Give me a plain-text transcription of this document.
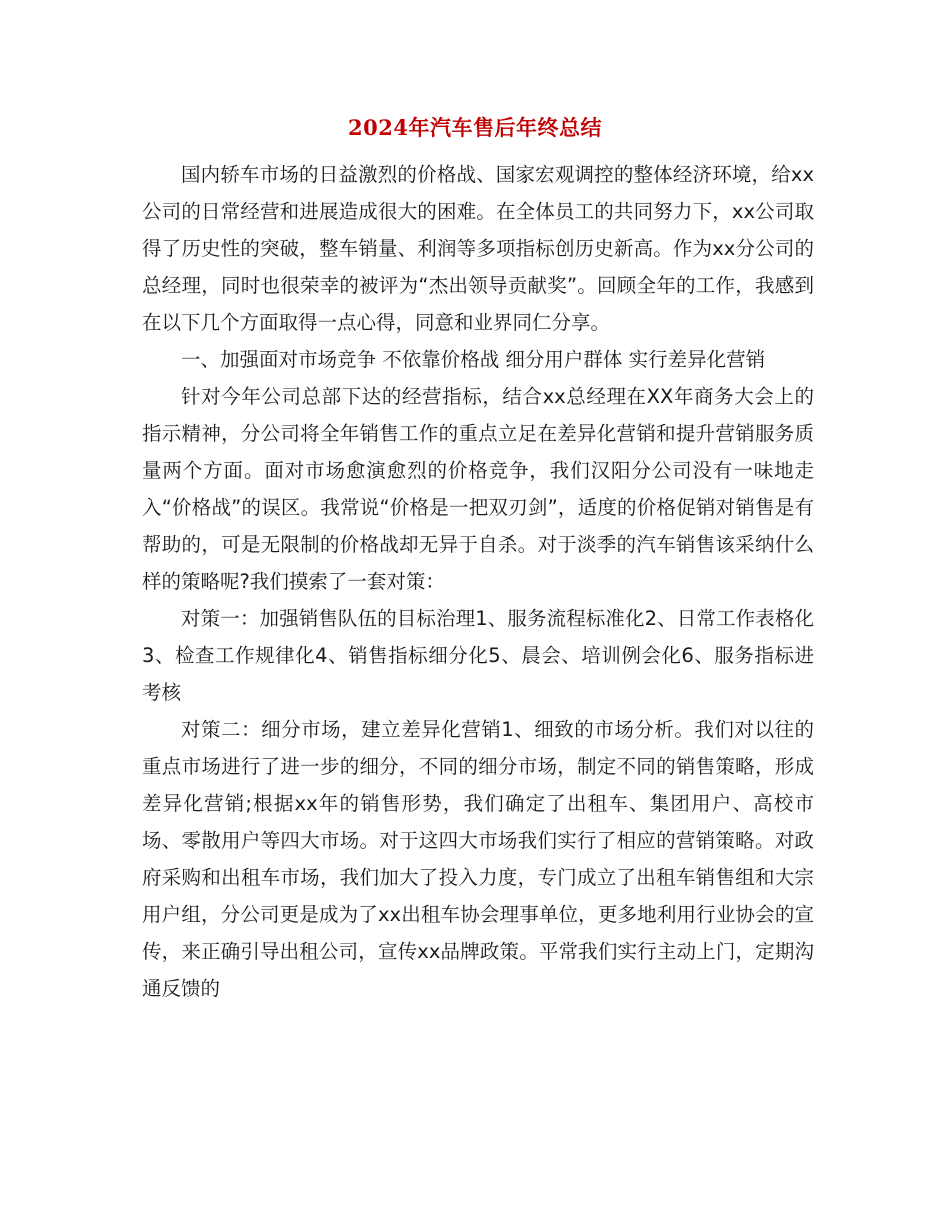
2024年汽车售后年终总结

国内轿车市场的日益激烈的价格战、国家宏观调控的整体经济环境，给xx公司的日常经营和进展造成很大的困难。在全体员工的共同努力下，xx公司取得了历史性的突破，整车销量、利润等多项指标创历史新高。作为xx分公司的总经理，同时也很荣幸的被评为“杰出领导贡献奖”。回顾全年的工作，我感到在以下几个方面取得一点心得，同意和业界同仁分享。

一、加强面对市场竞争 不依靠价格战 细分用户群体 实行差异化营销

针对今年公司总部下达的经营指标，结合xx总经理在XX年商务大会上的指示精神，分公司将全年销售工作的重点立足在差异化营销和提升营销服务质量两个方面。面对市场愈演愈烈的价格竞争，我们汉阳分公司没有一味地走入“价格战”的误区。我常说“价格是一把双刃剑”，适度的价格促销对销售是有帮助的，可是无限制的价格战却无异于自杀。对于淡季的汽车销售该采纳什么样的策略呢?我们摸索了一套对策：

对策一：加强销售队伍的目标治理1、服务流程标准化2、日常工作表格化3、检查工作规律化4、销售指标细分化5、晨会、培训例会化6、服务指标进考核

对策二：细分市场，建立差异化营销1、细致的市场分析。我们对以往的重点市场进行了进一步的细分，不同的细分市场，制定不同的销售策略，形成差异化营销;根据xx年的销售形势，我们确定了出租车、集团用户、高校市场、零散用户等四大市场。对于这四大市场我们实行了相应的营销策略。对政府采购和出租车市场，我们加大了投入力度，专门成立了出租车销售组和大宗用户组，分公司更是成为了xx出租车协会理事单位，更多地利用行业协会的宣传，来正确引导出租公司，宣传xx品牌政策。平常我们实行主动上门，定期沟通反馈的
